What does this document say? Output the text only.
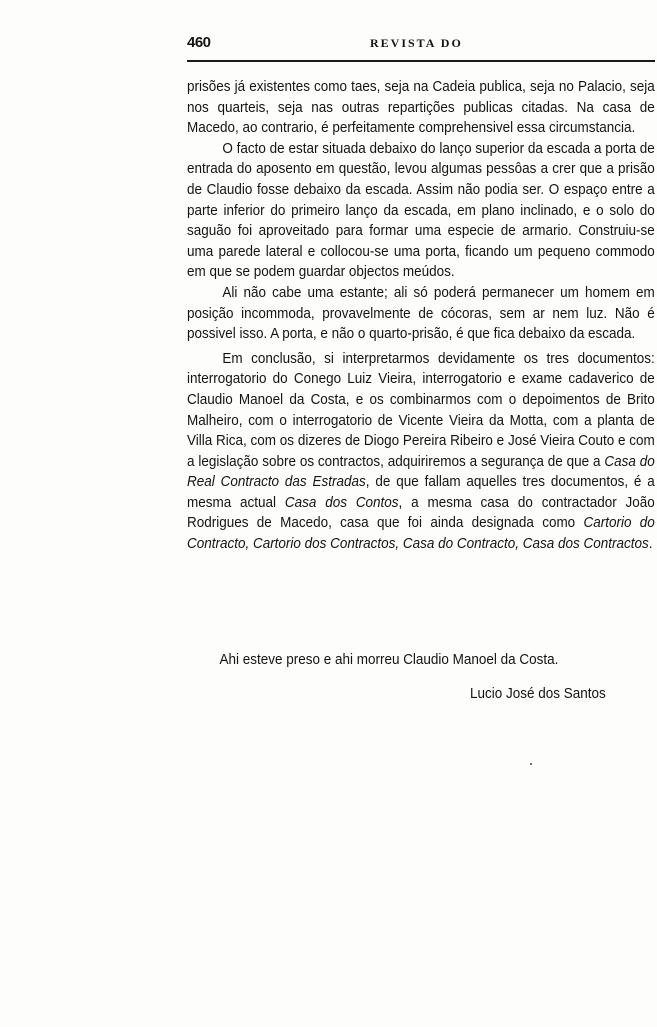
460	REVISTA DO

prisões já existentes como taes, seja na Cadeia publica, seja no Palacio, seja nos quarteis, seja nas outras repartições publicas citadas. Na casa de Macedo, ao contrario, é perfeitamente comprehensivel essa circumstancia.

O facto de estar situada debaixo do lanço superior da escada a porta de entrada do aposento em questão, levou algumas pessôas a crer que a prisão de Claudio fosse debaixo da escada. Assim não podia ser. O espaço entre a parte inferior do primeiro lanço da escada, em plano inclinado, e o solo do saguão foi aproveitado para formar uma especie de armario. Construiu-se uma parede lateral e collocou-se uma porta, ficando um pequeno commodo em que se podem guardar objectos meúdos.

Ali não cabe uma estante; ali só poderá permanecer um homem em posição incommoda, provavelmente de cócoras, sem ar nem luz. Não é possivel isso. A porta, e não o quarto-prisão, é que fica debaixo da escada.

Em conclusão, si interpretarmos devidamente os tres documentos: interrogatorio do Conego Luiz Vieira, interrogatorio e exame cadaverico de Claudio Manoel da Costa, e os combinarmos com o depoimentos de Brito Malheiro, com o interrogatorio de Vicente Vieira da Motta, com a planta de Villa Rica, com os dizeres de Diogo Pereira Ribeiro e José Vieira Couto e com a legislação sobre os contractos, adquiriremos a segurança de que a Casa do Real Contracto das Estradas, de que fallam aquelles tres documentos, é a mesma actual Casa dos Contos, a mesma casa do contractador João Rodrigues de Macedo, casa que foi ainda designada como Cartorio do Contracto, Cartorio dos Contractos, Casa do Contracto, Casa dos Contractos.

Ahi esteve preso e ahi morreu Claudio Manoel da Costa.

Lucio José dos Santos
